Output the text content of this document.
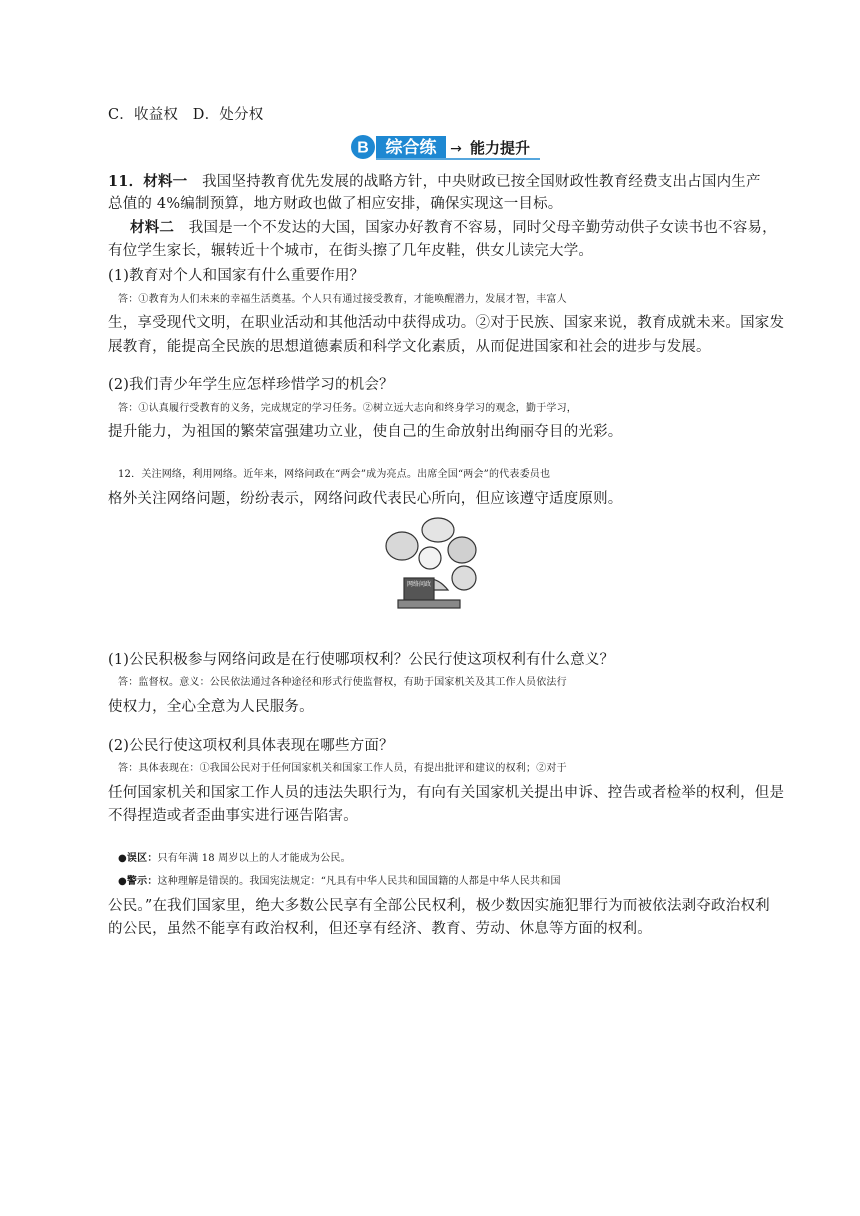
C．收益权　D．处分权
B 综合练 → 能力提升
11．材料一　我国坚持教育优先发展的战略方针，中央财政已按全国财政性教育经费支出占国内生产
总值的 4%编制预算，地方财政也做了相应安排，确保实现这一目标。
材料二　我国是一个不发达的大国，国家办好教育不容易，同时父母辛勤劳动供子女读书也不容易，
有位学生家长，辗转近十个城市，在街头擦了几年皮鞋，供女儿读完大学。
(1)教育对个人和国家有什么重要作用？
答：①教育为人们未来的幸福生活奠基。个人只有通过接受教育，才能唤醒潜力，发展才智，丰富人
生，享受现代文明，在职业活动和其他活动中获得成功。②对于民族、国家来说，教育成就未来。国家发
展教育，能提高全民族的思想道德素质和科学文化素质，从而促进国家和社会的进步与发展。
(2)我们青少年学生应怎样珍惜学习的机会？
答：①认真履行受教育的义务，完成规定的学习任务。②树立远大志向和终身学习的观念，勤于学习，
提升能力，为祖国的繁荣富强建功立业，使自己的生命放射出绚丽夺目的光彩。
12．关注网络，利用网络。近年来，网络问政在“两会”成为亮点。出席全国“两会”的代表委员也
格外关注网络问题，纷纷表示，网络问政代表民心所向，但应该遵守适度原则。
网络问政
(1)公民积极参与网络问政是在行使哪项权利？公民行使这项权利有什么意义？
答：监督权。意义：公民依法通过各种途径和形式行使监督权，有助于国家机关及其工作人员依法行
使权力，全心全意为人民服务。
(2)公民行使这项权利具体表现在哪些方面？
答：具体表现在：①我国公民对于任何国家机关和国家工作人员，有提出批评和建议的权利；②对于
任何国家机关和国家工作人员的违法失职行为，有向有关国家机关提出申诉、控告或者检举的权利，但是
不得捏造或者歪曲事实进行诬告陷害。
●误区：只有年满 18 周岁以上的人才能成为公民。
●警示：这种理解是错误的。我国宪法规定：“凡具有中华人民共和国国籍的人都是中华人民共和国
公民。”在我们国家里，绝大多数公民享有全部公民权利，极少数因实施犯罪行为而被依法剥夺政治权利
的公民，虽然不能享有政治权利，但还享有经济、教育、劳动、休息等方面的权利。
